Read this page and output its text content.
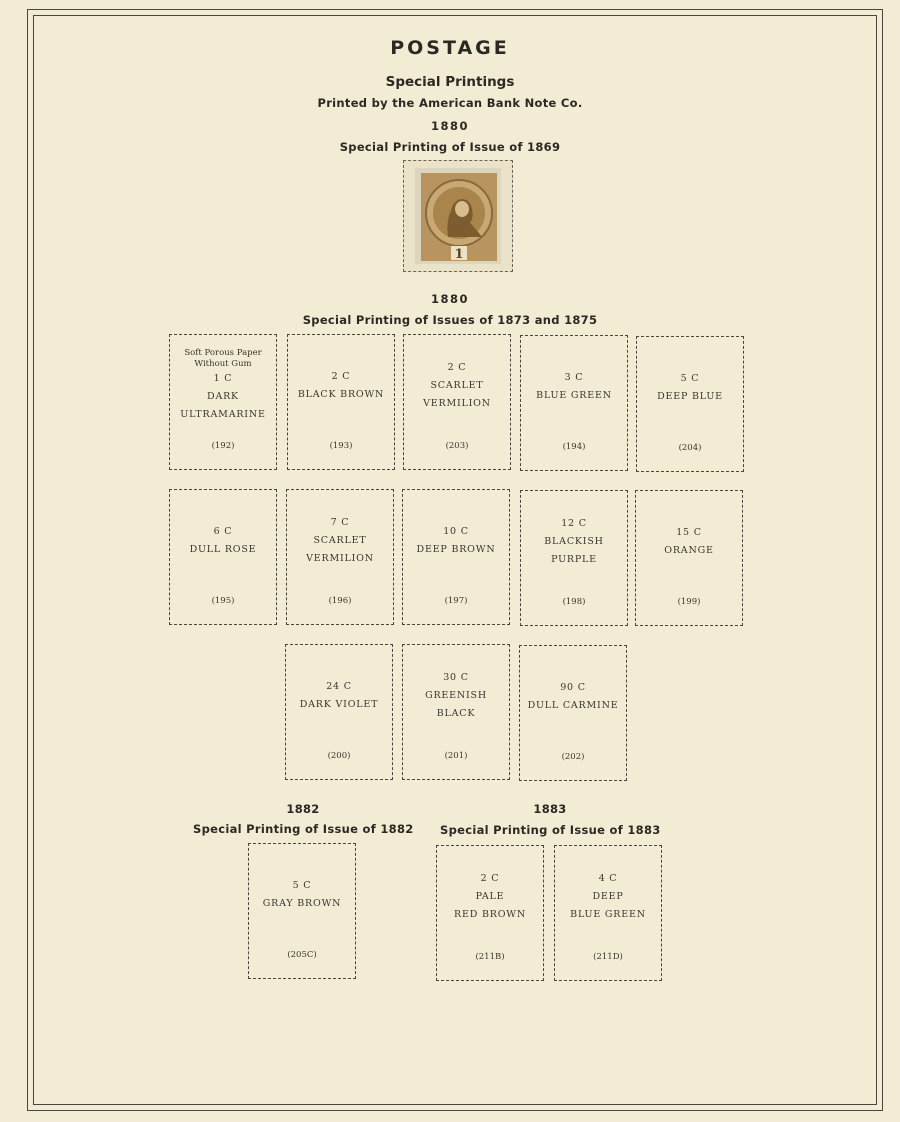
POSTAGE
Special Printings
Printed by the American Bank Note Co.
1880
Special Printing of Issue of 1869
1
1880
Special Printing of Issues of 1873 and 1875
1882
Special Printing of Issue of 1882
1883
Special Printing of Issue of 1883
Soft Porous Paper
Without Gum
1 C
DARK
ULTRAMARINE
(192)
2 C
BLACK BROWN
(193)
2 C
SCARLET
VERMILION
(203)
3 C
BLUE GREEN
(194)
5 C
DEEP BLUE
(204)
6 C
DULL ROSE
(195)
7 C
SCARLET
VERMILION
(196)
10 C
DEEP BROWN
(197)
12 C
BLACKISH
PURPLE
(198)
15 C
ORANGE
(199)
24 C
DARK VIOLET
(200)
30 C
GREENISH
BLACK
(201)
90 C
DULL CARMINE
(202)
5 C
GRAY BROWN
(205C)
2 C
PALE
RED BROWN
(211B)
4 C
DEEP
BLUE GREEN
(211D)
